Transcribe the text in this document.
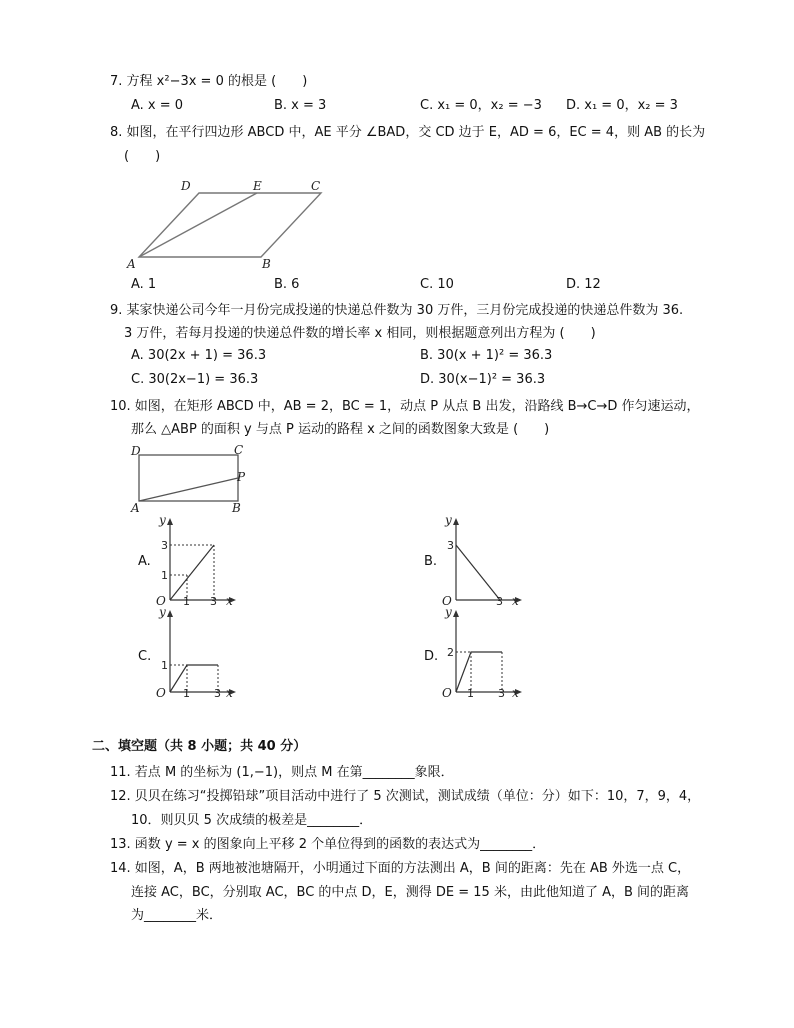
7. 方程 x²−3x = 0 的根是 (　　)
A. x = 0	B. x = 3	C. x₁ = 0，x₂ = −3 D. x₁ = 0，x₂ = 3
8. 如图，在平行四边形 ABCD 中，AE 平分 ∠BAD，交 CD 边于 E，AD = 6，EC = 4，则 AB 的长为
(　　)
D	E	C
A	B
A. 1	B. 6	C. 10	D. 12
9. 某家快递公司今年一月份完成投递的快递总件数为 30 万件，三月份完成投递的快递总件数为 36.
3 万件，若每月投递的快递总件数的增长率 x 相同，则根据题意列出方程为 (　　)
A. 30(2x + 1) = 36.3	B. 30(x + 1)² = 36.3
C. 30(2x−1) = 36.3	D. 30(x−1)² = 36.3
10. 如图，在矩形 ABCD 中，AB = 2，BC = 1，动点 P 从点 B 出发，沿路线 B→C→D 作匀速运动，
那么 △ABP 的面积 y 与点 P 运动的路程 x 之间的函数图象大致是 (　　)
D	C
P
A	B
A.
y
O	x
3
1
1 3
B.
y
O	x
3
3
C.
y
O	x
1
1 3
D.
y
O	x
2
1 3
二、填空题（共 8 小题；共 40 分）
11. 若点 M 的坐标为 (1,−1)，则点 M 在第________象限．
12. 贝贝在练习“投掷铅球”项目活动中进行了 5 次测试，测试成绩（单位：分）如下：10，7，9，4，
10．则贝贝 5 次成绩的极差是________．
13. 函数 y = x 的图象向上平移 2 个单位得到的函数的表达式为________．
14. 如图，A，B 两地被池塘隔开，小明通过下面的方法测出 A，B 间的距离：先在 AB 外选一点 C，
连接 AC，BC，分别取 AC，BC 的中点 D，E，测得 DE = 15 米，由此他知道了 A，B 间的距离
为________米．
